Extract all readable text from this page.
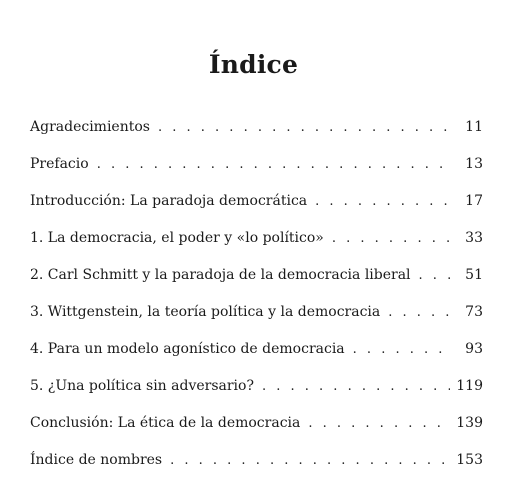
Índice
Agradecimientos . . .	11
Prefacio . . .	13
Introducción: La paradoja democrática . . .	17
1. La democracia, el poder y «lo político» . . .	33
2. Carl Schmitt y la paradoja de la democracia liberal . . .	51
3. Wittgenstein, la teoría política y la democracia . . .	73
4. Para un modelo agonístico de democracia . . .	93
5. ¿Una política sin adversario? . . .	119
Conclusión: La ética de la democracia . . .	139
Índice de nombres . . .	153
